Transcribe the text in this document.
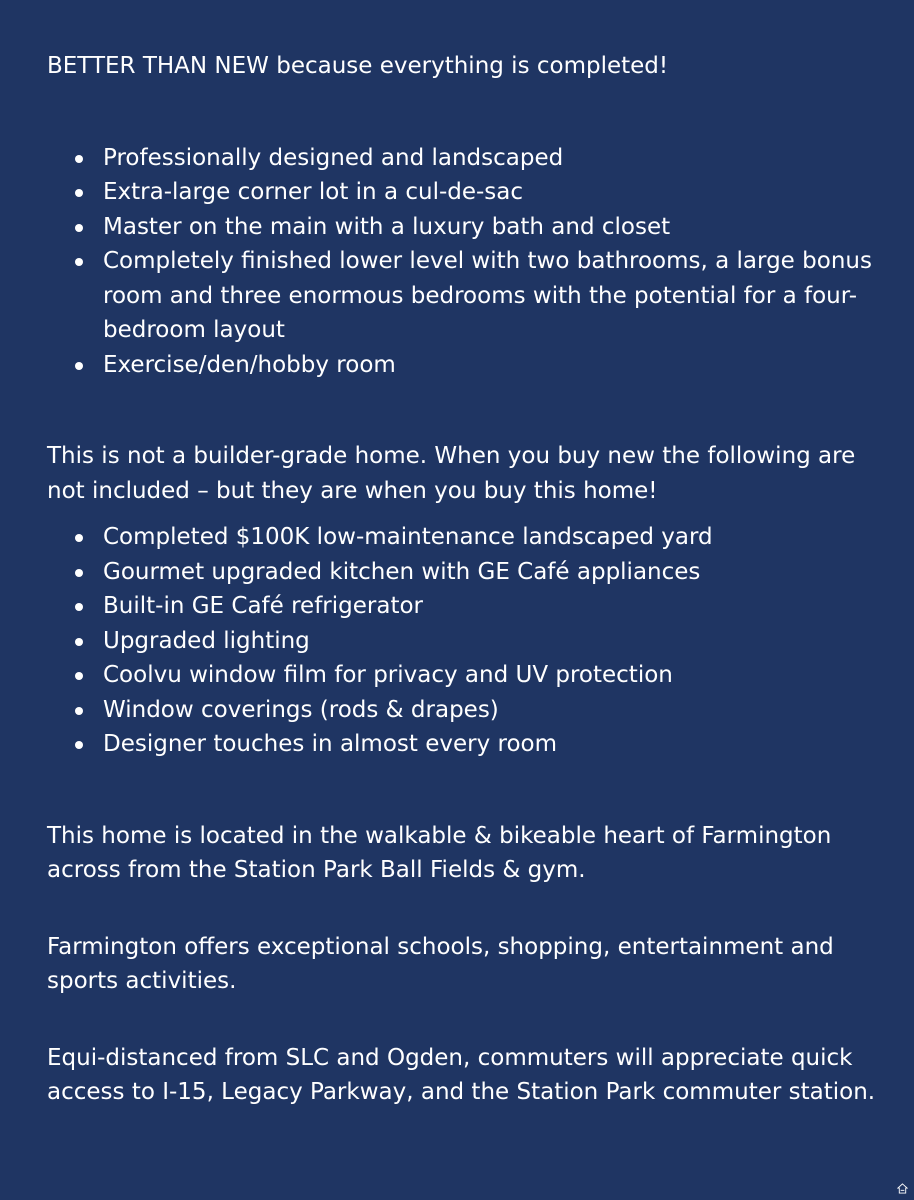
BETTER THAN NEW because everything is completed!

Professionally designed and landscaped
Extra-large corner lot in a cul-de-sac
Master on the main with a luxury bath and closet
Completely finished lower level with two bathrooms, a large bonus room and three enormous bedrooms with the potential for a four-bedroom layout
Exercise/den/hobby room

This is not a builder-grade home. When you buy new the following are not included – but they are when you buy this home!

Completed $100K low-maintenance landscaped yard
Gourmet upgraded kitchen with GE Café appliances
Built-in GE Café refrigerator
Upgraded lighting
Coolvu window film for privacy and UV protection
Window coverings (rods & drapes)
Designer touches in almost every room

This home is located in the walkable & bikeable heart of Farmington across from the Station Park Ball Fields & gym.

Farmington offers exceptional schools, shopping, entertainment and sports activities.

Equi-distanced from SLC and Ogden, commuters will appreciate quick access to I-15, Legacy Parkway, and the Station Park commuter station.
